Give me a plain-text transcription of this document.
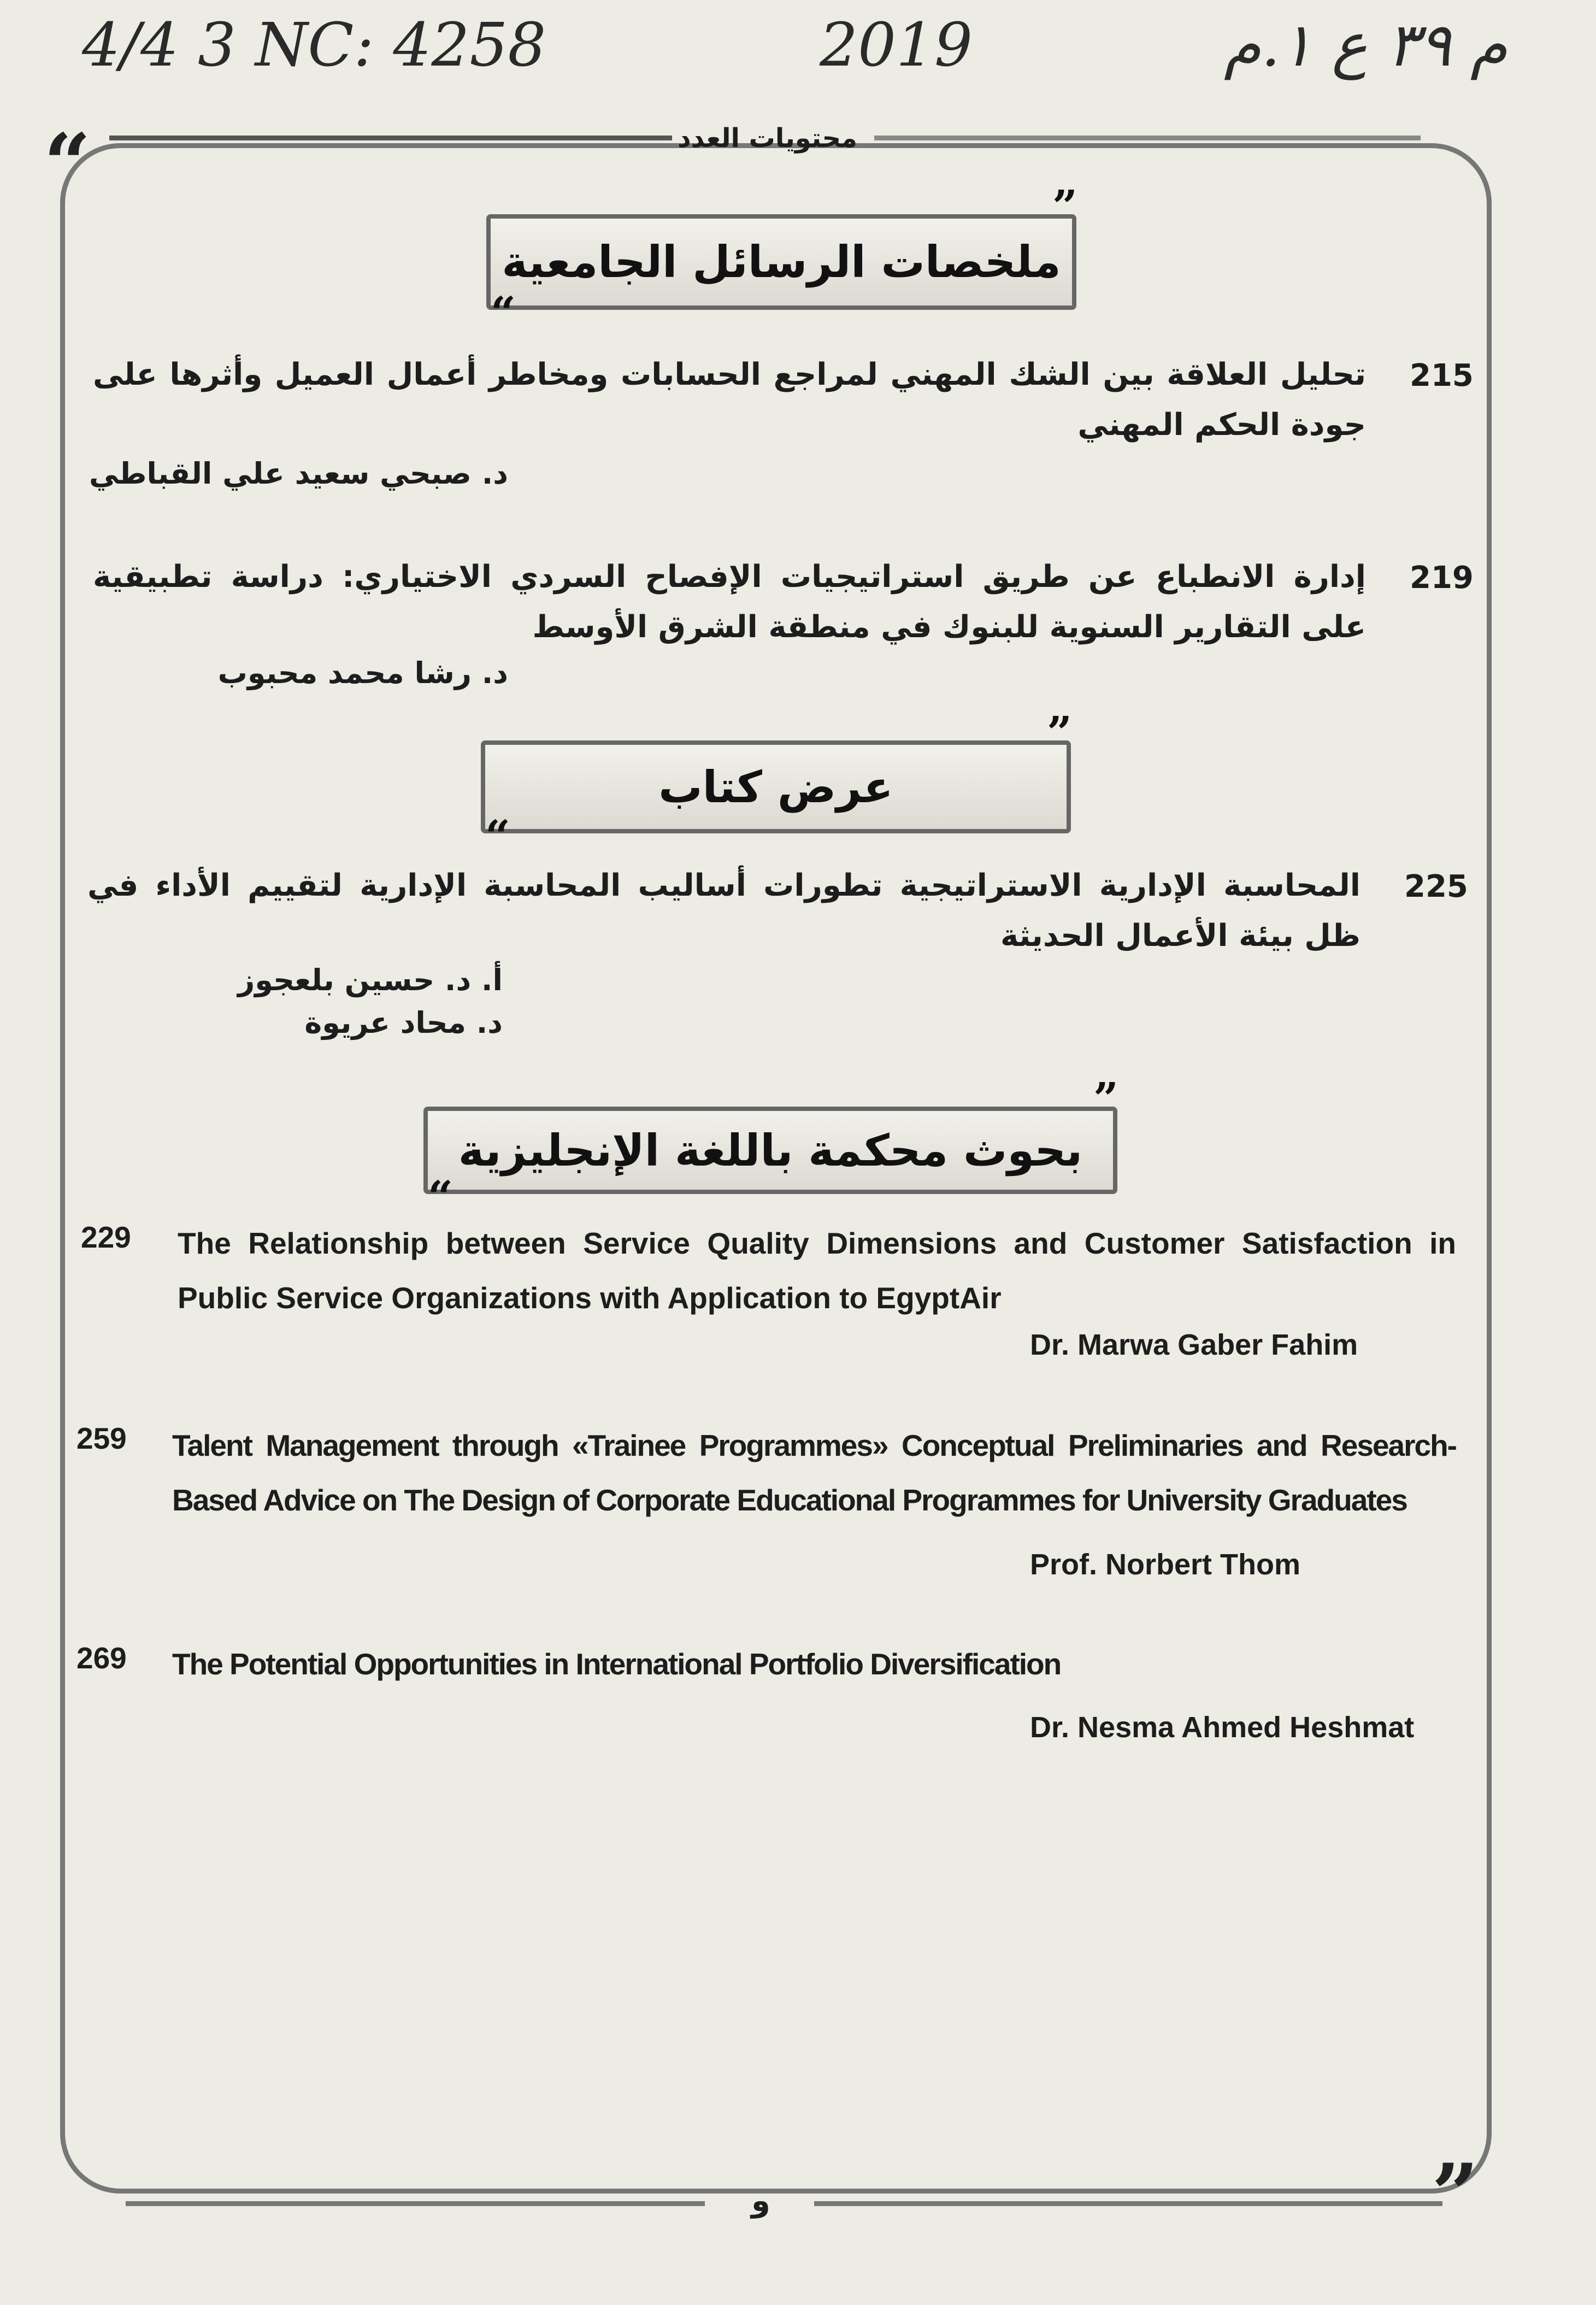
4/4 3 NC: 4258	2019	م ۳۹ ع ۱.م
“	محتويات العدد
”
ملخصات الرسائل الجامعية
“
215
تحليل العلاقة بين الشك المهني لمراجع الحسابات ومخاطر أعمال العميل وأثرها على جودة الحكم المهني
د. صبحي سعيد علي القباطي
219
إدارة الانطباع عن طريق استراتيجيات الإفصاح السردي الاختياري: دراسة تطبيقية على التقارير السنوية للبنوك في منطقة الشرق الأوسط
د. رشا محمد محبوب
”
عرض كتاب
“
225
المحاسبة الإدارية الاستراتيجية تطورات أساليب المحاسبة الإدارية لتقييم الأداء في ظل بيئة الأعمال الحديثة
أ. د. حسين بلعجوز
د. محاد عريوة
”
بحوث محكمة باللغة الإنجليزية
“
229 The Relationship between Service Quality Dimensions and Customer Satisfaction in Public Service Organizations with Application to EgyptAir
Dr. Marwa Gaber Fahim
259 Talent Management through «Trainee Programmes» Conceptual Preliminaries and Research-Based Advice on The Design of Corporate Educational Programmes for University Graduates
Prof. Norbert Thom
269 The Potential Opportunities in International Portfolio Diversification
Dr. Nesma Ahmed Heshmat
و	”
